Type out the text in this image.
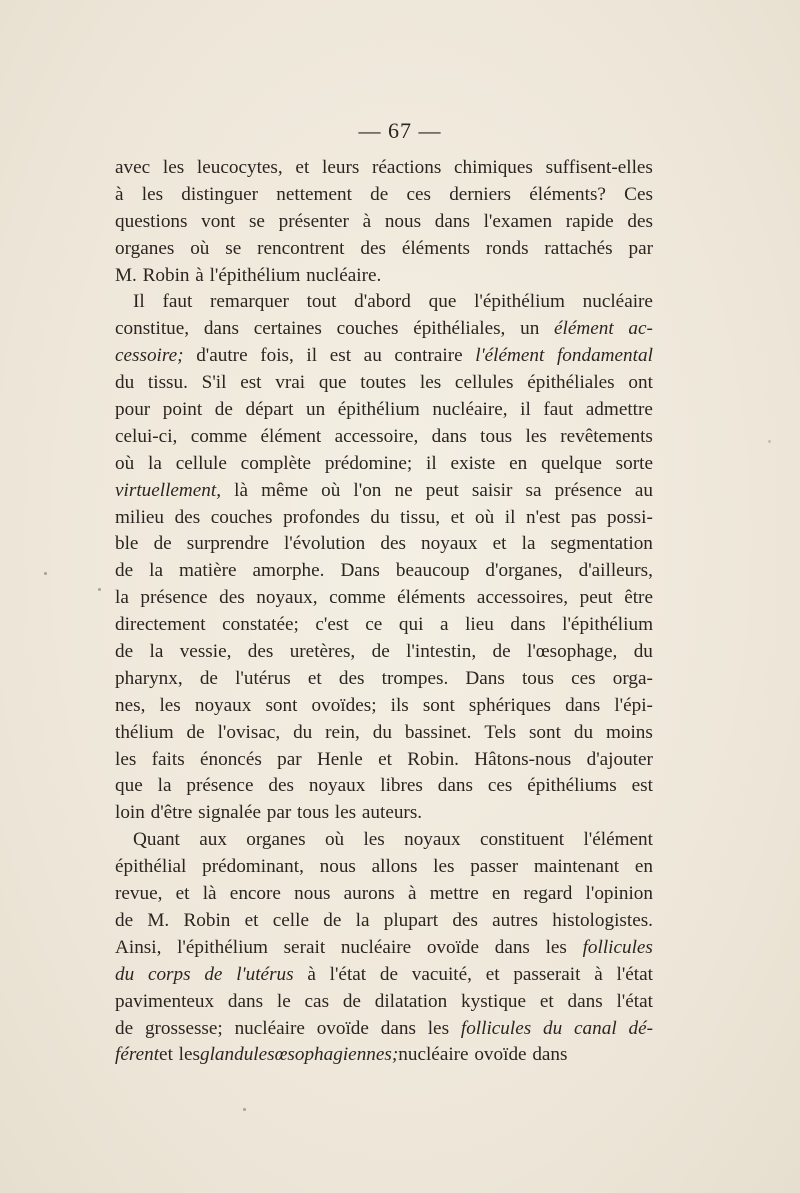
— 67 —
avec les leucocytes, et leurs réactions chimiques suffisent-elles
à les distinguer nettement de ces derniers éléments? Ces
questions vont se présenter à nous dans l'examen rapide des
organes où se rencontrent des éléments ronds rattachés par
M. Robin à l'épithélium nucléaire.
Il faut remarquer tout d'abord que l'épithélium nucléaire
constitue, dans certaines couches épithéliales, un élément ac-
cessoire; d'autre fois, il est au contraire l'élément fondamental
du tissu. S'il est vrai que toutes les cellules épithéliales ont
pour point de départ un épithélium nucléaire, il faut admettre
celui-ci, comme élément accessoire, dans tous les revêtements
où la cellule complète prédomine; il existe en quelque sorte
virtuellement, là même où l'on ne peut saisir sa présence au
milieu des couches profondes du tissu, et où il n'est pas possi-
ble de surprendre l'évolution des noyaux et la segmentation
de la matière amorphe. Dans beaucoup d'organes, d'ailleurs,
la présence des noyaux, comme éléments accessoires, peut être
directement constatée; c'est ce qui a lieu dans l'épithélium
de la vessie, des uretères, de l'intestin, de l'œsophage, du
pharynx, de l'utérus et des trompes. Dans tous ces orga-
nes, les noyaux sont ovoïdes; ils sont sphériques dans l'épi-
thélium de l'ovisac, du rein, du bassinet. Tels sont du moins
les faits énoncés par Henle et Robin. Hâtons-nous d'ajouter
que la présence des noyaux libres dans ces épithéliums est
loin d'être signalée par tous les auteurs.
Quant aux organes où les noyaux constituent l'élément
épithélial prédominant, nous allons les passer maintenant en
revue, et là encore nous aurons à mettre en regard l'opinion
de M. Robin et celle de la plupart des autres histologistes.
Ainsi, l'épithélium serait nucléaire ovoïde dans les follicules
du corps de l'utérus à l'état de vacuité, et passerait à l'état
pavimenteux dans le cas de dilatation kystique et dans l'état
de grossesse; nucléaire ovoïde dans les follicules du canal dé-
férent et les glandules œsophagiennes; nucléaire ovoïde dans
